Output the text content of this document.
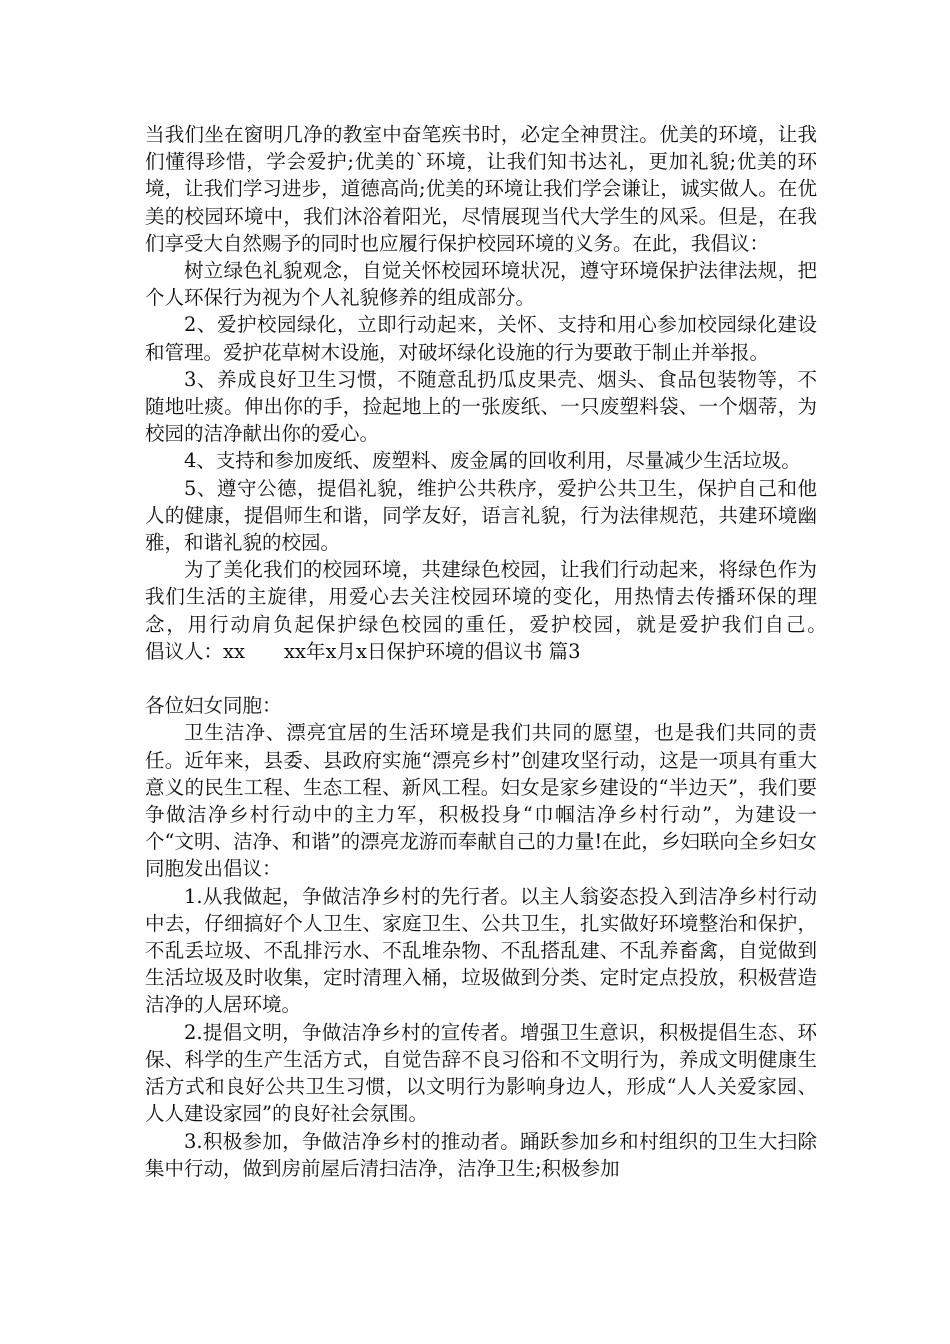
当我们坐在窗明几净的教室中奋笔疾书时，必定全神贯注。优美的环境，让我们懂得珍惜，学会爱护;优美的`环境，让我们知书达礼，更加礼貌;优美的环境，让我们学习进步，道德高尚;优美的环境让我们学会谦让，诚实做人。在优美的校园环境中，我们沐浴着阳光，尽情展现当代大学生的风采。但是，在我们享受大自然赐予的同时也应履行保护校园环境的义务。在此，我倡议：

树立绿色礼貌观念，自觉关怀校园环境状况，遵守环境保护法律法规，把个人环保行为视为个人礼貌修养的组成部分。

2、爱护校园绿化，立即行动起来，关怀、支持和用心参加校园绿化建设和管理。爱护花草树木设施，对破坏绿化设施的行为要敢于制止并举报。

3、养成良好卫生习惯，不随意乱扔瓜皮果壳、烟头、食品包装物等，不随地吐痰。伸出你的手，捡起地上的一张废纸、一只废塑料袋、一个烟蒂，为校园的洁净献出你的爱心。

4、支持和参加废纸、废塑料、废金属的回收利用，尽量减少生活垃圾。

5、遵守公德，提倡礼貌，维护公共秩序，爱护公共卫生，保护自己和他人的健康，提倡师生和谐，同学友好，语言礼貌，行为法律规范，共建环境幽雅，和谐礼貌的校园。

为了美化我们的校园环境，共建绿色校园，让我们行动起来，将绿色作为我们生活的主旋律，用爱心去关注校园环境的变化，用热情去传播环保的理念，用行动肩负起保护绿色校园的重任，爱护校园，就是爱护我们自己。　　倡议人：xx　　xx年x月x日保护环境的倡议书 篇3

各位妇女同胞：

卫生洁净、漂亮宜居的生活环境是我们共同的愿望，也是我们共同的责任。近年来，县委、县政府实施“漂亮乡村”创建攻坚行动，这是一项具有重大意义的民生工程、生态工程、新风工程。妇女是家乡建设的“半边天”，我们要争做洁净乡村行动中的主力军，积极投身“巾帼洁净乡村行动”，为建设一个“文明、洁净、和谐”的漂亮龙游而奉献自己的力量!在此，乡妇联向全乡妇女同胞发出倡议：

1.从我做起，争做洁净乡村的先行者。以主人翁姿态投入到洁净乡村行动中去，仔细搞好个人卫生、家庭卫生、公共卫生，扎实做好环境整治和保护，不乱丢垃圾、不乱排污水、不乱堆杂物、不乱搭乱建、不乱养畜禽，自觉做到生活垃圾及时收集，定时清理入桶，垃圾做到分类、定时定点投放，积极营造洁净的人居环境。

2.提倡文明，争做洁净乡村的宣传者。增强卫生意识，积极提倡生态、环保、科学的生产生活方式，自觉告辞不良习俗和不文明行为，养成文明健康生活方式和良好公共卫生习惯，以文明行为影响身边人，形成“人人关爱家园、人人建设家园”的良好社会氛围。

3.积极参加，争做洁净乡村的推动者。踊跃参加乡和村组织的卫生大扫除集中行动，做到房前屋后清扫洁净，洁净卫生;积极参加
